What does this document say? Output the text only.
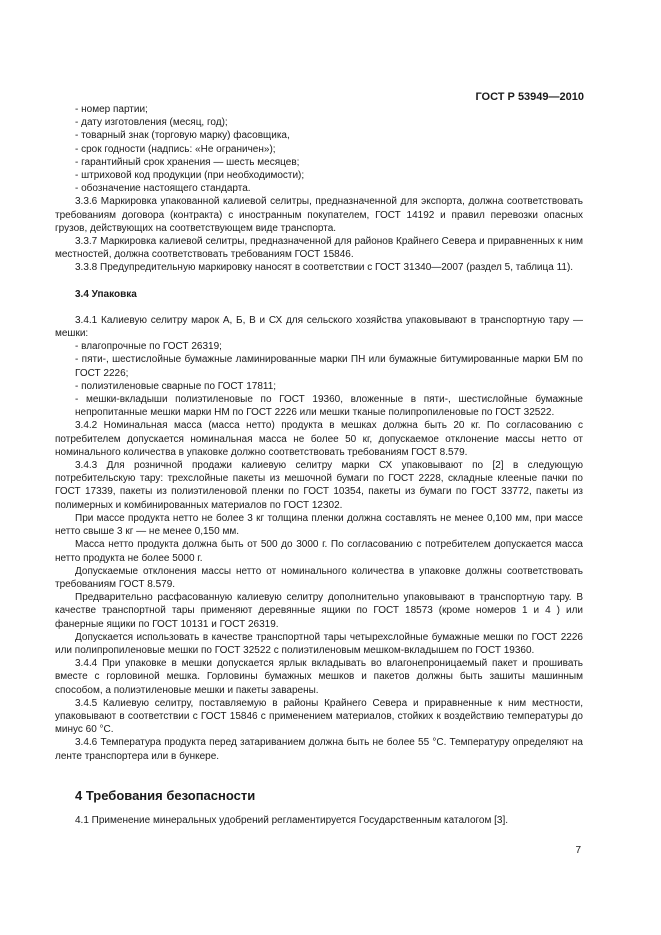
ГОСТ Р 53949—2010

- номер партии;

- дату изготовления (месяц, год);

- товарный знак (торговую марку) фасовщика,

- срок годности (надпись: «Не ограничен»);

- гарантийный срок хранения — шесть месяцев;

- штриховой код продукции (при необходимости);

- обозначение настоящего стандарта.

3.3.6 Маркировка упакованной калиевой селитры, предназначенной для экспорта, должна соответствовать требованиям договора (контракта) с иностранным покупателем, ГОСТ 14192 и правил перевозки опасных грузов, действующих на соответствующем виде транспорта.

3.3.7 Маркировка калиевой селитры, предназначенной для районов Крайнего Севера и приравненных к ним местностей, должна соответствовать требованиям ГОСТ 15846.

3.3.8 Предупредительную маркировку наносят в соответствии с ГОСТ 31340—2007 (раздел 5, таблица 11).

3.4 Упаковка

3.4.1 Калиевую селитру марок А, Б, В и СХ для сельского хозяйства упаковывают в транспортную тару — мешки:

- влагопрочные по ГОСТ 26319;

- пяти-, шестислойные бумажные ламинированные марки ПН или бумажные битумированные марки БМ по ГОСТ 2226;

- полиэтиленовые сварные по ГОСТ 17811;

- мешки-вкладыши полиэтиленовые по ГОСТ 19360, вложенные в пяти-, шестислойные бумажные непропитанные мешки марки НМ по ГОСТ 2226 или мешки тканые полипропиленовые по ГОСТ 32522.

3.4.2 Номинальная масса (масса нетто) продукта в мешках должна быть 20 кг. По согласованию с потребителем допускается номинальная масса не более 50 кг, допускаемое отклонение массы нетто от номинального количества в упаковке должно соответствовать требованиям ГОСТ 8.579.

3.4.3 Для розничной продажи калиевую селитру марки СХ упаковывают по [2] в следующую потребительскую тару: трехслойные пакеты из мешочной бумаги по ГОСТ 2228, складные клееные пачки по ГОСТ 17339, пакеты из полиэтиленовой пленки по ГОСТ 10354, пакеты из бумаги по ГОСТ 33772, пакеты из полимерных и комбинированных материалов по ГОСТ 12302.

При массе продукта нетто не более 3 кг толщина пленки должна составлять не менее 0,100 мм, при массе нетто свыше 3 кг — не менее 0,150 мм.

Масса нетто продукта должна быть от 500 до 3000 г. По согласованию с потребителем допускается масса нетто продукта не более 5000 г.

Допускаемые отклонения массы нетто от номинального количества в упаковке должны соответствовать требованиям ГОСТ 8.579.

Предварительно расфасованную калиевую селитру дополнительно упаковывают в транспортную тару. В качестве транспортной тары применяют деревянные ящики по ГОСТ 18573 (кроме номеров 1 и 4 ) или фанерные ящики по ГОСТ 10131 и ГОСТ 26319.

Допускается использовать в качестве транспортной тары четырехслойные бумажные мешки по ГОСТ 2226 или полипропиленовые мешки по ГОСТ 32522 с полиэтиленовым мешком-вкладышем по ГОСТ 19360.

3.4.4 При упаковке в мешки допускается ярлык вкладывать во влагонепроницаемый пакет и прошивать вместе с горловиной мешка. Горловины бумажных мешков и пакетов должны быть зашиты машинным способом, а полиэтиленовые мешки и пакеты заварены.

3.4.5 Калиевую селитру, поставляемую в районы Крайнего Севера и приравненные к ним местности, упаковывают в соответствии с ГОСТ 15846 с применением материалов, стойких к воздействию температуры до минус 60 °С.

3.4.6 Температура продукта перед затариванием должна быть не более 55 °С. Температуру определяют на ленте транспортера или в бункере.

4 Требования безопасности

4.1 Применение минеральных удобрений регламентируется Государственным каталогом [3].

7
